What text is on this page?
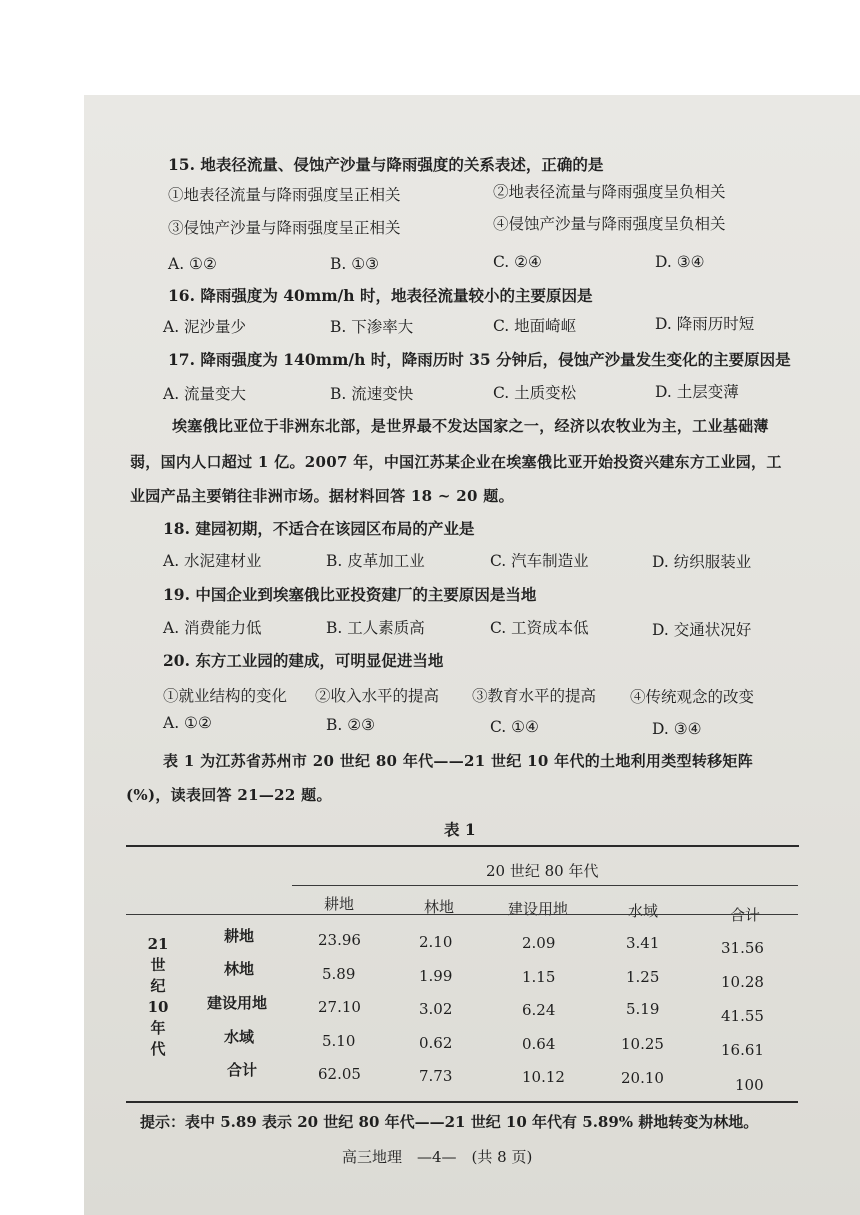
15. 地表径流量、侵蚀产沙量与降雨强度的关系表述，正确的是
①地表径流量与降雨强度呈正相关	②地表径流量与降雨强度呈负相关
③侵蚀产沙量与降雨强度呈正相关	④侵蚀产沙量与降雨强度呈负相关
A. ①②	B. ①③	C. ②④	D. ③④
16. 降雨强度为 40mm/h 时，地表径流量较小的主要原因是
A. 泥沙量少	B. 下渗率大	C. 地面崎岖	D. 降雨历时短
17. 降雨强度为 140mm/h 时，降雨历时 35 分钟后，侵蚀产沙量发生变化的主要原因是
A. 流量变大	B. 流速变快	C. 土质变松	D. 土层变薄
埃塞俄比亚位于非洲东北部，是世界最不发达国家之一，经济以农牧业为主，工业基础薄
弱，国内人口超过 1 亿。2007 年，中国江苏某企业在埃塞俄比亚开始投资兴建东方工业园，工
业园产品主要销往非洲市场。据材料回答 18 ~ 20 题。
18. 建园初期，不适合在该园区布局的产业是
A. 水泥建材业	B. 皮革加工业	C. 汽车制造业	D. 纺织服装业
19. 中国企业到埃塞俄比亚投资建厂的主要原因是当地
A. 消费能力低	B. 工人素质高	C. 工资成本低	D. 交通状况好
20. 东方工业园的建成，可明显促进当地
①就业结构的变化 ②收入水平的提高 ③教育水平的提高 ④传统观念的改变
A. ①②	B. ②③	C. ①④	D. ③④
表 1 为江苏省苏州市 20 世纪 80 年代——21 世纪 10 年代的土地利用类型转移矩阵
(%)，读表回答 21—22 题。
表 1
20 世纪 80 年代
耕地	林地	建设用地	水域	合计
21
世
纪
10
年
代
耕地	23.96	2.10	2.09	3.41	31.56
林地	5.89	1.99	1.15	1.25	10.28
建设用地	27.10	3.02	6.24	5.19	41.55
水域	5.10	0.62	0.64	10.25	16.61
合计	62.05	7.73	10.12	20.10	100
提示：表中 5.89 表示 20 世纪 80 年代——21 世纪 10 年代有 5.89% 耕地转变为林地。
高三地理　—4—　(共 8 页)
